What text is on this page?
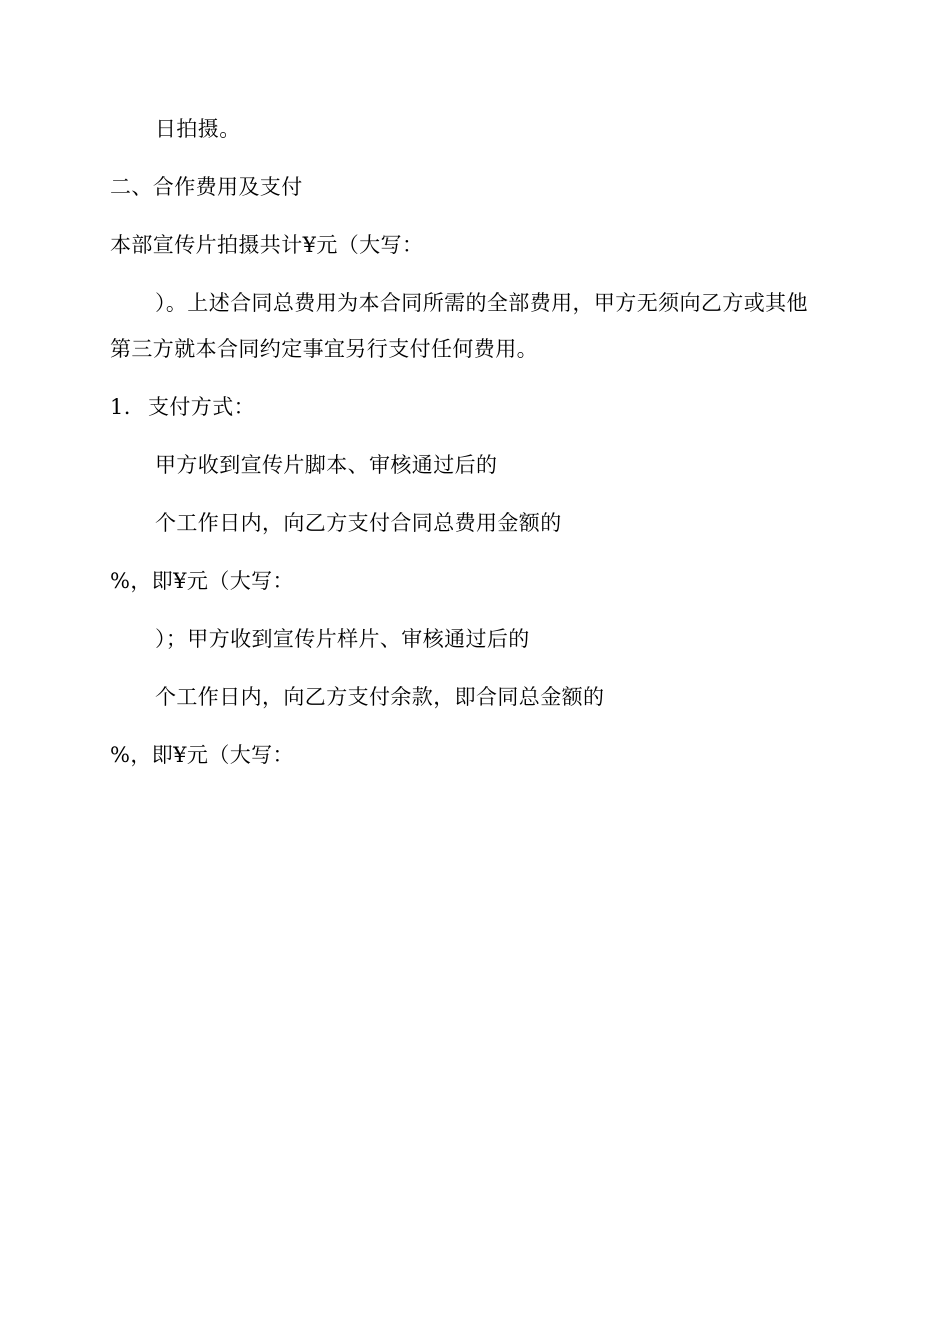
日拍摄。
二、合作费用及支付
本部宣传片拍摄共计¥元（大写：
）。上述合同总费用为本合同所需的全部费用，甲方无须向乙方或其他
第三方就本合同约定事宜另行支付任何费用。
1. 支付方式：
甲方收到宣传片脚本、审核通过后的
个工作日内，向乙方支付合同总费用金额的
%，即¥元（大写：
）；甲方收到宣传片样片、审核通过后的
个工作日内，向乙方支付余款，即合同总金额的
%，即¥元（大写：
